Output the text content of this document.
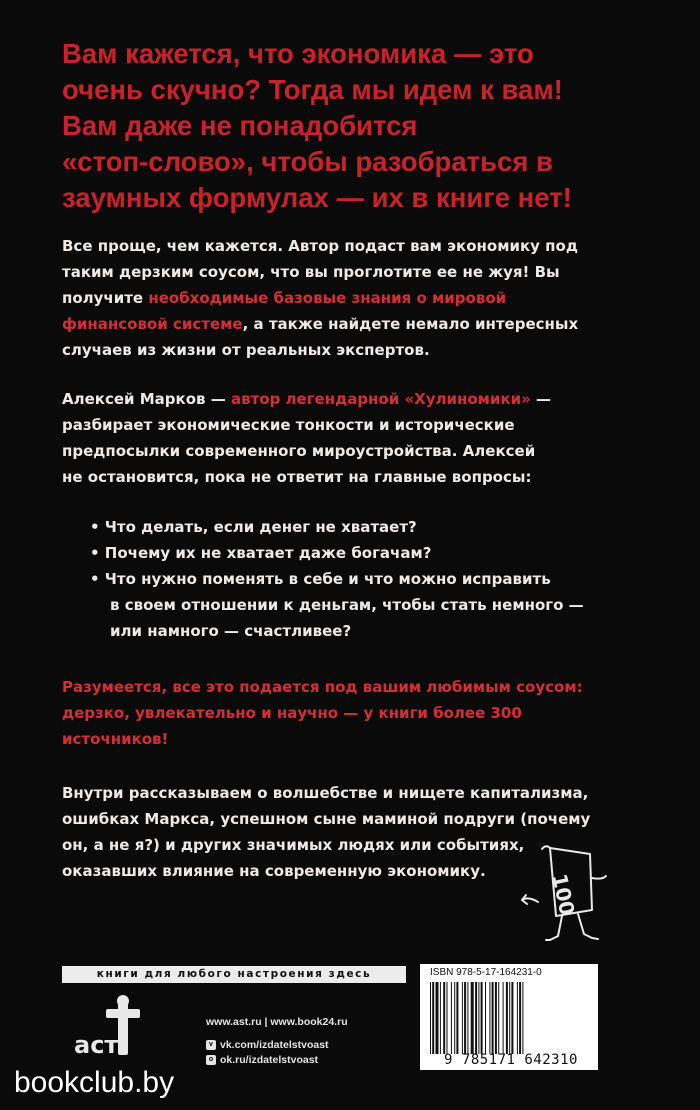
Вам кажется, что экономика — это
очень скучно? Тогда мы идем к вам!
Вам даже не понадобится
«стоп-слово», чтобы разобраться в
заумных формулах — их в книге нет!

Все проще, чем кажется. Автор подаст вам экономику под
таким дерзким соусом, что вы проглотите ее не жуя! Вы
получите необходимые базовые знания о мировой
финансовой системе, а также найдете немало интересных
случаев из жизни от реальных экспертов.

Алексей Марков — автор легендарной «Хулиномики» —
разбирает экономические тонкости и исторические
предпосылки современного мироустройства. Алексей
не остановится, пока не ответит на главные вопросы:

• Что делать, если денег не хватает?
• Почему их не хватает даже богачам?
• Что нужно поменять в себе и что можно исправить
в своем отношении к деньгам, чтобы стать немного —
или намного — счастливее?

Разумеется, все это подается под вашим любимым соусом:
дерзко, увлекательно и научно — у книги более 300
источников!

Внутри рассказываем о волшебстве и нищете капитализма,
ошибках Маркса, успешном сыне маминой подруги (почему
он, а не я?) и других значимых людях или событиях,
оказавших влияние на современную экономику.

100
книги для любого настроения здесь	ISBN 978-5-17-164231-0
9 785171 642310
аст
www.ast.ru | www.book24.ru
v vk.com/izdatelstvoast
o ok.ru/izdatelstvoast
bookclub.by
